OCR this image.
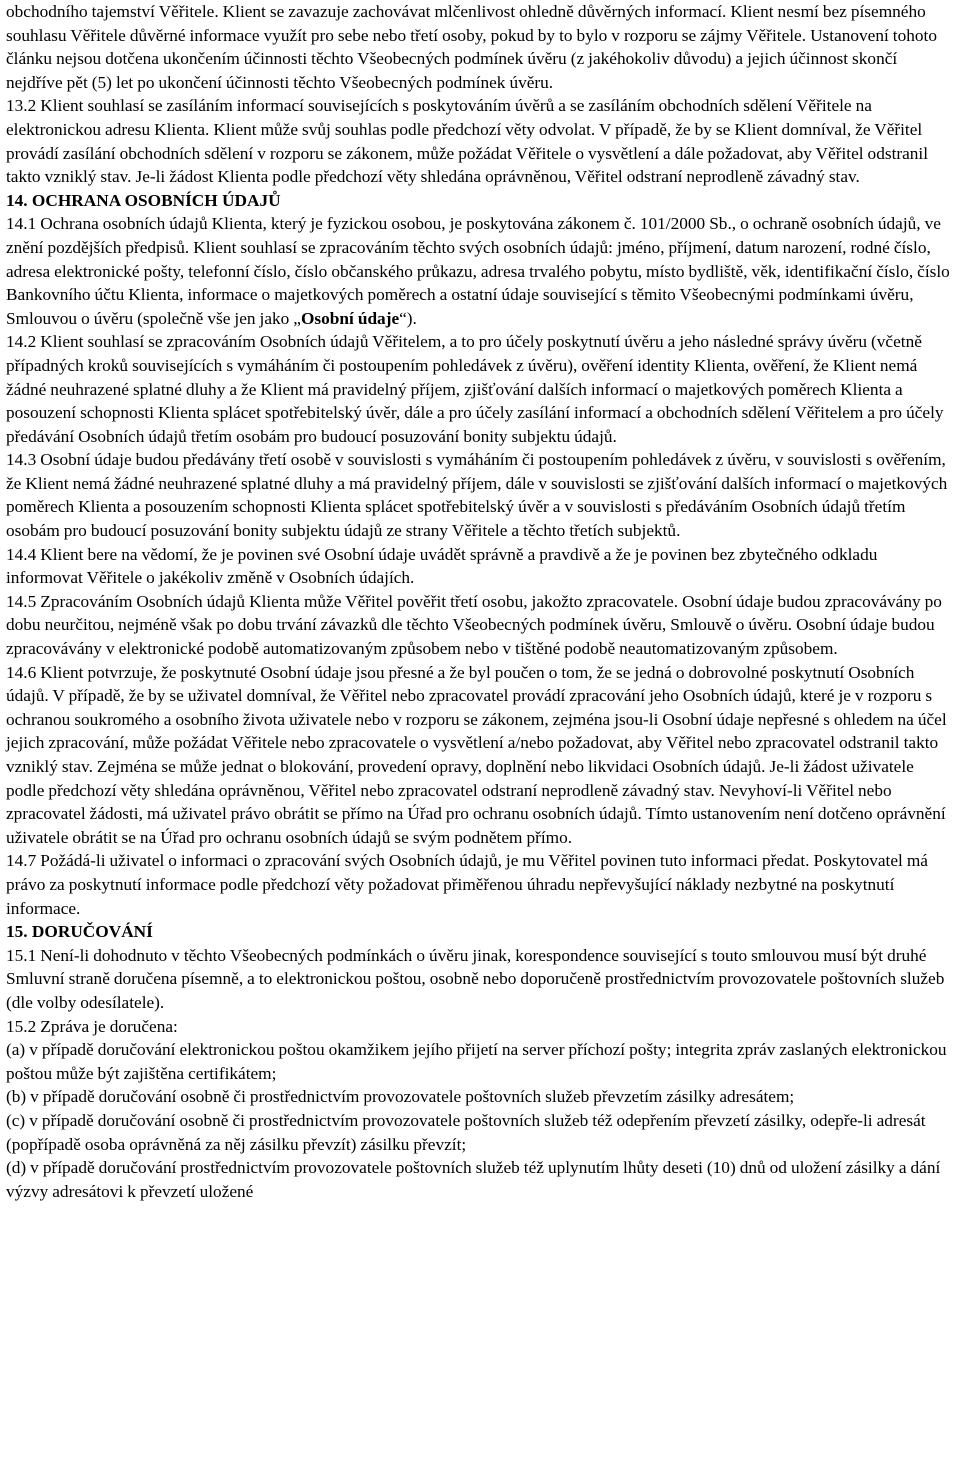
obchodního tajemství Věřitele. Klient se zavazuje zachovávat mlčenlivost ohledně důvěrných informací. Klient nesmí bez písemného souhlasu Věřitele důvěrné informace využít pro sebe nebo třetí osoby, pokud by to bylo v rozporu se zájmy Věřitele. Ustanovení tohoto článku nejsou dotčena ukončením účinnosti těchto Všeobecných podmínek úvěru (z jakéhokoliv důvodu) a jejich účinnost skončí nejdříve pět (5) let po ukončení účinnosti těchto Všeobecných podmínek úvěru.

13.2 Klient souhlasí se zasíláním informací souvisejících s poskytováním úvěrů a se zasíláním obchodních sdělení Věřitele na elektronickou adresu Klienta. Klient může svůj souhlas podle předchozí věty odvolat. V případě, že by se Klient domníval, že Věřitel provádí zasílání obchodních sdělení v rozporu se zákonem, může požádat Věřitele o vysvětlení a dále požadovat, aby Věřitel odstranil takto vzniklý stav. Je-li žádost Klienta podle předchozí věty shledána oprávněnou, Věřitel odstraní neprodleně závadný stav.

14. OCHRANA OSOBNÍCH ÚDAJŮ

14.1 Ochrana osobních údajů Klienta, který je fyzickou osobou, je poskytována zákonem č. 101/2000 Sb., o ochraně osobních údajů, ve znění pozdějších předpisů. Klient souhlasí se zpracováním těchto svých osobních údajů: jméno, příjmení, datum narození, rodné číslo, adresa elektronické pošty, telefonní číslo, číslo občanského průkazu, adresa trvalého pobytu, místo bydliště, věk, identifikační číslo, číslo Bankovního účtu Klienta, informace o majetkových poměrech a ostatní údaje související s těmito Všeobecnými podmínkami úvěru, Smlouvou o úvěru (společně vše jen jako „Osobní údaje“).

14.2 Klient souhlasí se zpracováním Osobních údajů Věřitelem, a to pro účely poskytnutí úvěru a jeho následné správy úvěru (včetně případných kroků souvisejících s vymáháním či postoupením pohledávek z úvěru), ověření identity Klienta, ověření, že Klient nemá žádné neuhrazené splatné dluhy a že Klient má pravidelný příjem, zjišťování dalších informací o majetkových poměrech Klienta a posouzení schopnosti Klienta splácet spotřebitelský úvěr, dále a pro účely zasílání informací a obchodních sdělení Věřitelem a pro účely předávání Osobních údajů třetím osobám pro budoucí posuzování bonity subjektu údajů.

14.3 Osobní údaje budou předávány třetí osobě v souvislosti s vymáháním či postoupením pohledávek z úvěru, v souvislosti s ověřením, že Klient nemá žádné neuhrazené splatné dluhy a má pravidelný příjem, dále v souvislosti se zjišťování dalších informací o majetkových poměrech Klienta a posouzením schopnosti Klienta splácet spotřebitelský úvěr a v souvislosti s předáváním Osobních údajů třetím osobám pro budoucí posuzování bonity subjektu údajů ze strany Věřitele a těchto třetích subjektů.

14.4 Klient bere na vědomí, že je povinen své Osobní údaje uvádět správně a pravdivě a že je povinen bez zbytečného odkladu informovat Věřitele o jakékoliv změně v Osobních údajích.

14.5 Zpracováním Osobních údajů Klienta může Věřitel pověřit třetí osobu, jakožto zpracovatele. Osobní údaje budou zpracovávány po dobu neurčitou, nejméně však po dobu trvání závazků dle těchto Všeobecných podmínek úvěru, Smlouvě o úvěru. Osobní údaje budou zpracovávány v elektronické podobě automatizovaným způsobem nebo v tištěné podobě neautomatizovaným způsobem.

14.6 Klient potvrzuje, že poskytnuté Osobní údaje jsou přesné a že byl poučen o tom, že se jedná o dobrovolné poskytnutí Osobních údajů. V případě, že by se uživatel domníval, že Věřitel nebo zpracovatel provádí zpracování jeho Osobních údajů, které je v rozporu s ochranou soukromého a osobního života uživatele nebo v rozporu se zákonem, zejména jsou-li Osobní údaje nepřesné s ohledem na účel jejich zpracování, může požádat Věřitele nebo zpracovatele o vysvětlení a/nebo požadovat, aby Věřitel nebo zpracovatel odstranil takto vzniklý stav. Zejména se může jednat o blokování, provedení opravy, doplnění nebo likvidaci Osobních údajů. Je-li žádost uživatele podle předchozí věty shledána oprávněnou, Věřitel nebo zpracovatel odstraní neprodleně závadný stav. Nevyhoví-li Věřitel nebo zpracovatel žádosti, má uživatel právo obrátit se přímo na Úřad pro ochranu osobních údajů. Tímto ustanovením není dotčeno oprávnění uživatele obrátit se na Úřad pro ochranu osobních údajů se svým podnětem přímo.

14.7 Požádá-li uživatel o informaci o zpracování svých Osobních údajů, je mu Věřitel povinen tuto informaci předat. Poskytovatel má právo za poskytnutí informace podle předchozí věty požadovat přiměřenou úhradu nepřevyšující náklady nezbytné na poskytnutí informace.

15. DORUČOVÁNÍ

15.1 Není-li dohodnuto v těchto Všeobecných podmínkách o úvěru jinak, korespondence související s touto smlouvou musí být druhé Smluvní straně doručena písemně, a to elektronickou poštou, osobně nebo doporučeně prostřednictvím provozovatele poštovních služeb (dle volby odesílatele).

15.2 Zpráva je doručena:

(a) v případě doručování elektronickou poštou okamžikem jejího přijetí na server příchozí pošty; integrita zpráv zaslaných elektronickou poštou může být zajištěna certifikátem;

(b) v případě doručování osobně či prostřednictvím provozovatele poštovních služeb převzetím zásilky adresátem;

(c) v případě doručování osobně či prostřednictvím provozovatele poštovních služeb též odepřením převzetí zásilky, odepře-li adresát (popřípadě osoba oprávněná za něj zásilku převzít) zásilku převzít;

(d) v případě doručování prostřednictvím provozovatele poštovních služeb též uplynutím lhůty deseti (10) dnů od uložení zásilky a dání výzvy adresátovi k převzetí uložené
